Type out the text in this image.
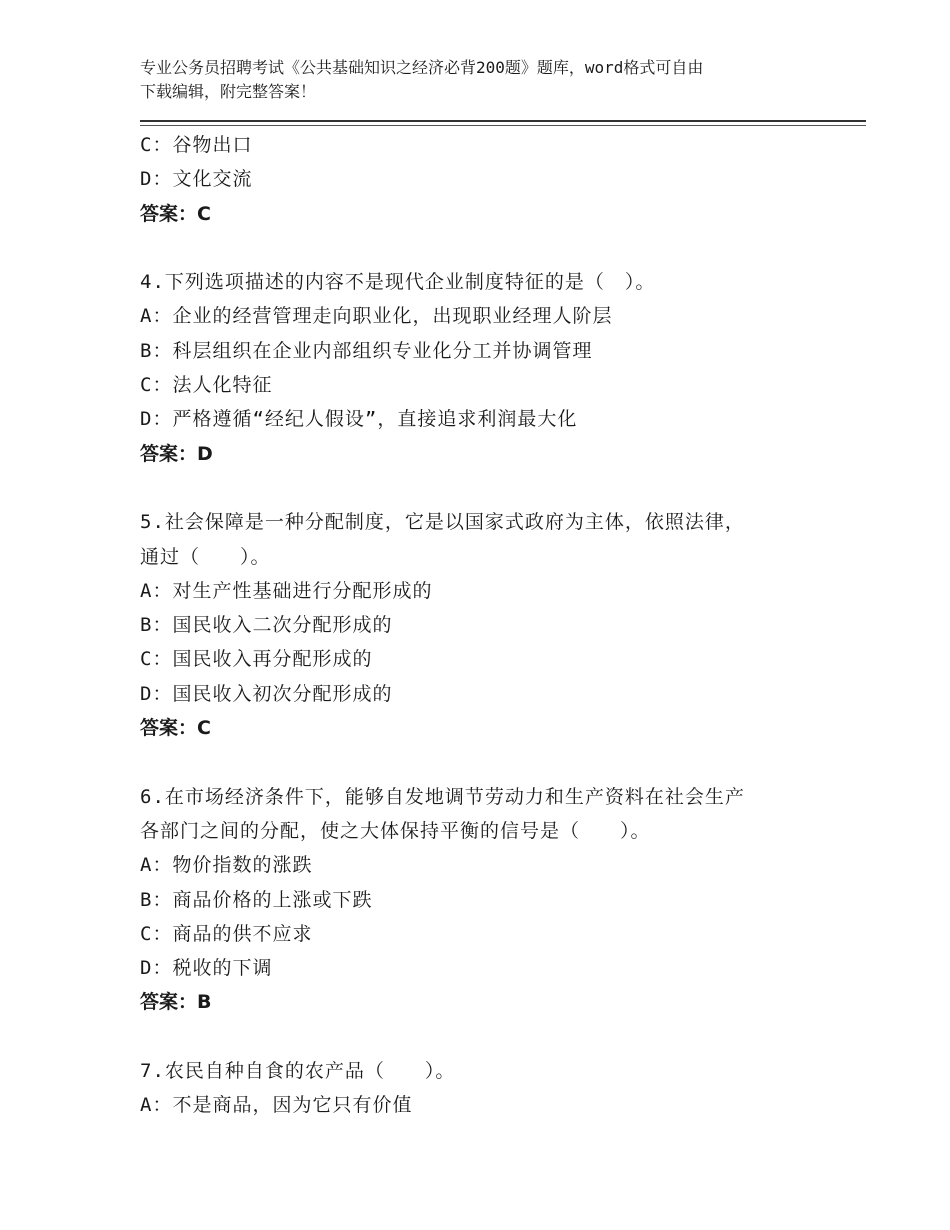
专业公务员招聘考试《公共基础知识之经济必背200题》题库，word格式可自由
下载编辑，附完整答案！
C：谷物出口
D：文化交流
答案：C
4.下列选项描述的内容不是现代企业制度特征的是（　）。
A：企业的经营管理走向职业化，出现职业经理人阶层
B：科层组织在企业内部组织专业化分工并协调管理
C：法人化特征
D：严格遵循“经纪人假设”，直接追求利润最大化
答案：D
5.社会保障是一种分配制度，它是以国家式政府为主体，依照法律，
通过（　　）。
A：对生产性基础进行分配形成的
B：国民收入二次分配形成的
C：国民收入再分配形成的
D：国民收入初次分配形成的
答案：C
6.在市场经济条件下，能够自发地调节劳动力和生产资料在社会生产
各部门之间的分配，使之大体保持平衡的信号是（　　）。
A：物价指数的涨跌
B：商品价格的上涨或下跌
C：商品的供不应求
D：税收的下调
答案：B
7.农民自种自食的农产品（　　）。
A：不是商品，因为它只有价值
